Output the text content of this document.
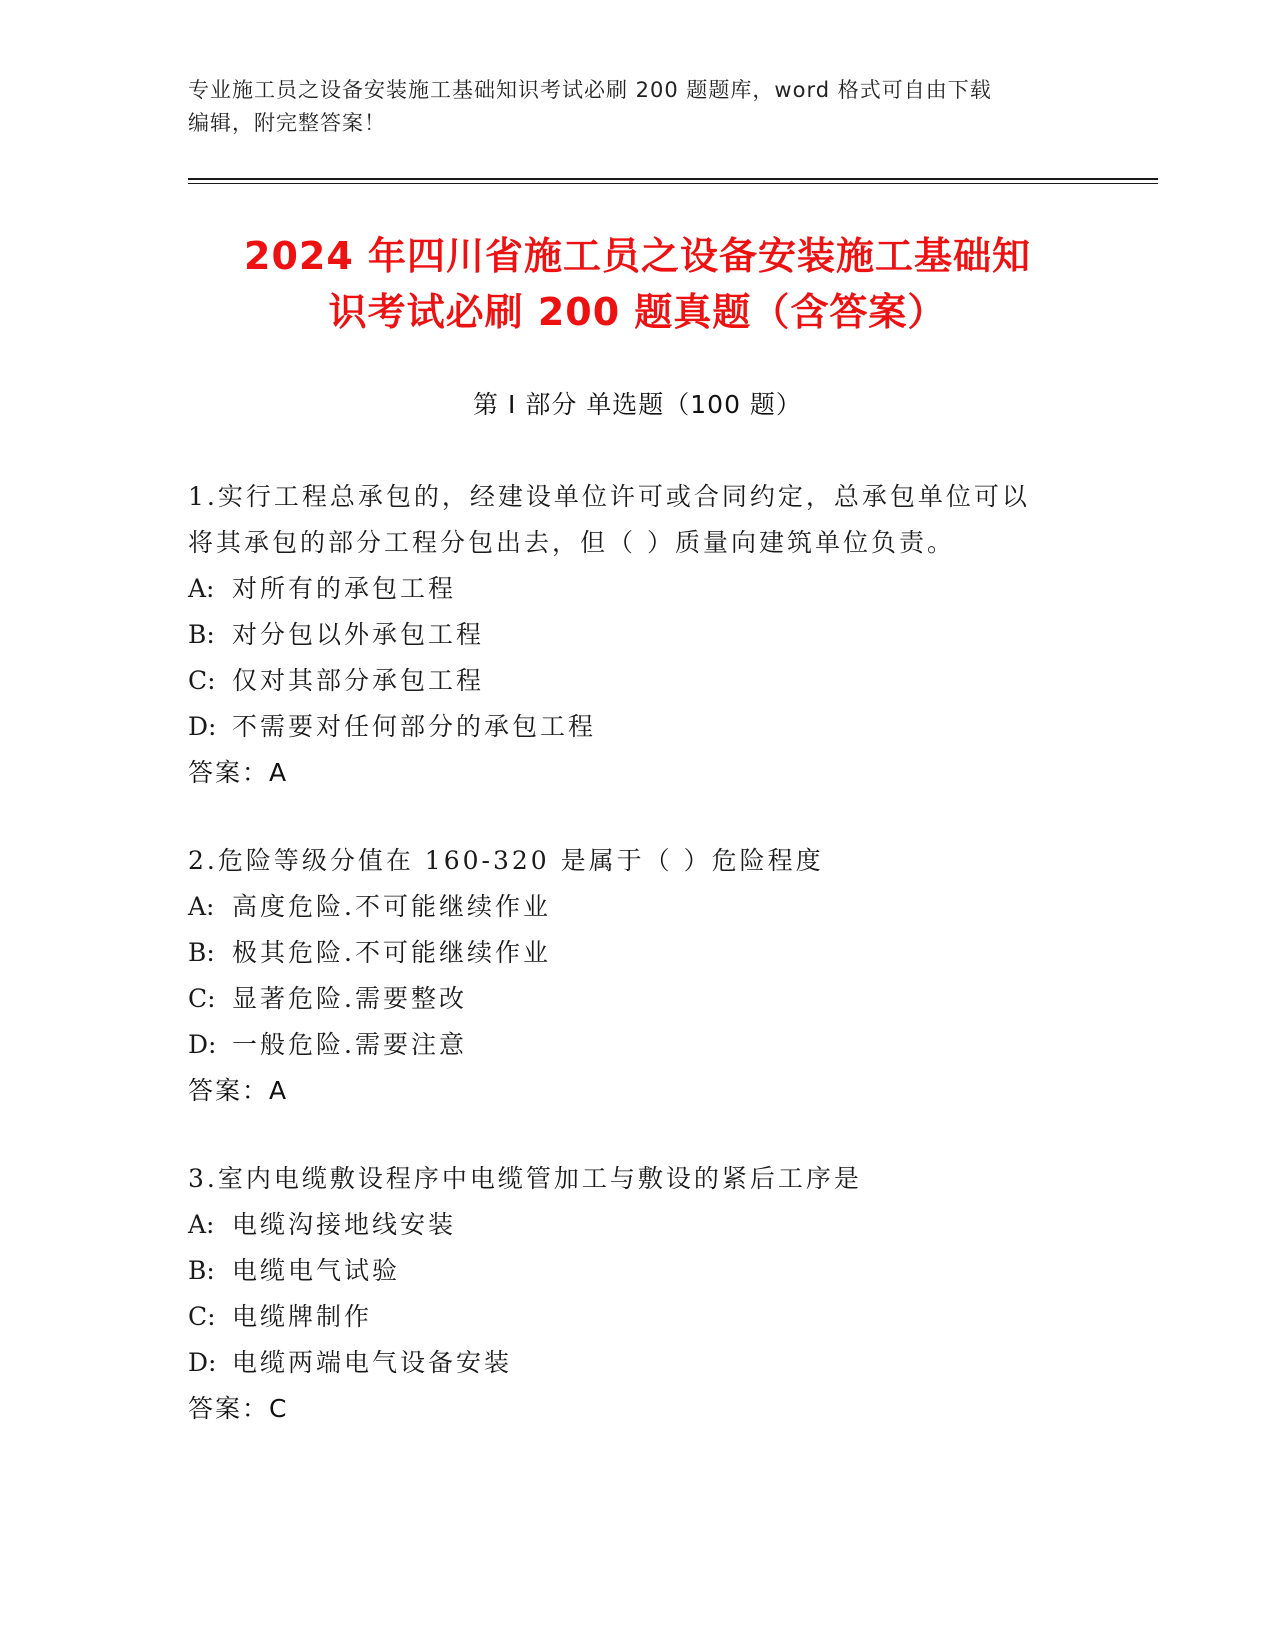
专业施工员之设备安装施工基础知识考试必刷 200 题题库，word 格式可自由下载
编辑，附完整答案！
2024 年四川省施工员之设备安装施工基础知
识考试必刷 200 题真题（含答案）
第 I 部分 单选题（100 题）
1.实行工程总承包的，经建设单位许可或合同约定，总承包单位可以
将其承包的部分工程分包出去，但（ ）质量向建筑单位负责。
A: 对所有的承包工程
B: 对分包以外承包工程
C: 仅对其部分承包工程
D: 不需要对任何部分的承包工程
答案：A
2.危险等级分值在 160-320 是属于（ ）危险程度
A: 高度危险.不可能继续作业
B: 极其危险.不可能继续作业
C: 显著危险.需要整改
D: 一般危险.需要注意
答案：A
3.室内电缆敷设程序中电缆管加工与敷设的紧后工序是
A: 电缆沟接地线安装
B: 电缆电气试验
C: 电缆牌制作
D: 电缆两端电气设备安装
答案：C
